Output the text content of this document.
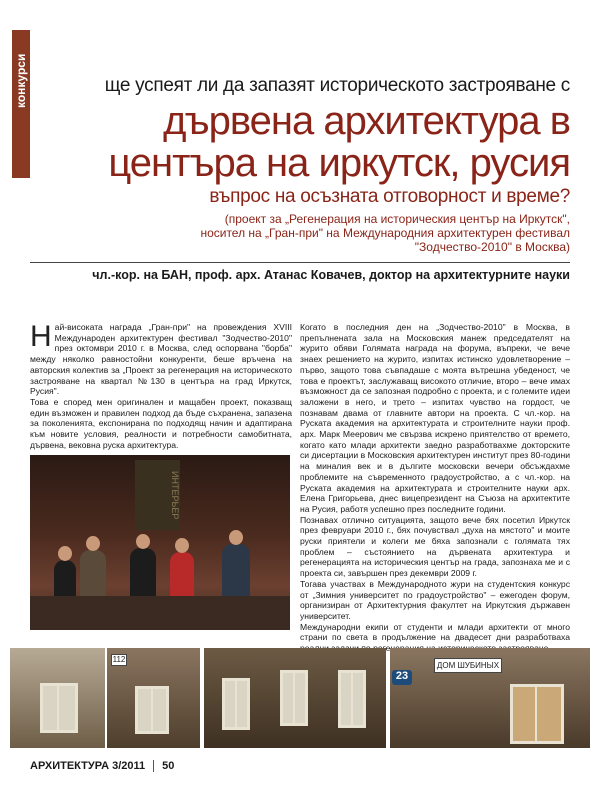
конкурси	ще успеят ли да запазят историческото застрояване с
дървена архитектура в
центъра на иркутск, русия
въпрос на осъзната отговорност и време?
(проект за „Регенерация на историческия център на Иркутск",
носител на „Гран-при" на Международния архитектурен фестивал
"Зодчество-2010" в Москва)
чл.-кор. на БАН, проф. арх. Атанас Ковачев, доктор на архитектурните науки

Най-високата награда „Гран-при" на провеждения XVIII Международен архитектурен фестивал "Зодчество-2010" през октомври 2010 г. в Москва, след оспорвана "борба" между няколко равностойни конкуренти, беше връчена на авторския колектив за „Проект за регенерация на историческото застрояване на квартал №130 в центъра на град Иркутск, Русия".

Това е според мен оригинален и мащабен проект, показващ един възможен и правилен подход да бъде съхранена, запазена за поколенията, експонирана по подходящ начин и адаптирана към новите условия, реалности и потребности самобитната, дървена, вековна руска архитектура.

ИНТЕРЬЕР

Когато в последния ден на „Зодчество-2010" в Москва, в препълнената зала на Московския манеж председателят на журито обяви Голямата награда на форума, въпреки, че вече знаех решението на журито, изпитах истинско удовлетворение – първо, защото това съвпадаше с моята вътрешна убеденост, че това е проектът, заслужаващ високото отличие, второ – вече имах възможност да се запозная подробно с проекта, и с големите идеи заложени в него, и трето – изпитах чувство на гордост, че познавам двама от главните автори на проекта. С чл.-кор. на Руската академия на архитектурата и строителните науки проф. арх. Марк Меерович ме свързва искрено приятелство от времето, когато като млади архитекти заедно разработвахме докторските си дисертации в Московския архитектурен институт през 80-години на миналия век и в дългите московски вечери обсъждахме проблемите на съвременното градоустройство, а с чл.-кор. на Руската академия на архитектурата и строителните науки арх. Елена Григорьева, днес вицепрезидент на Съюза на архитектите на Русия, работя успешно през последните години.

Познавах отлично ситуацията, защото вече бях посетил Иркутск през февруари 2010 г., бях почувствал „духа на мястото" и моите руски приятели и колеги ме бяха запознали с голямата тях проблем – състоянието на дървената архитектура и регенерацията на историческия център на града, запознаха ме и с проекта си, завършен през декември 2009 г.

Тогава участвах в Международното жури на студентския конкурс от „Зимния университет по градоустройство" – ежегоден форум, организиран от Архитектурния факултет на Иркутския държавен университет.

Международни екипи от студенти и млади архитекти от много страни по света в продължение на двадесет дни разработваха

112
23
ДОМ ШУБИНЫХ
АРХИТЕКТУРА 3/2011 50
